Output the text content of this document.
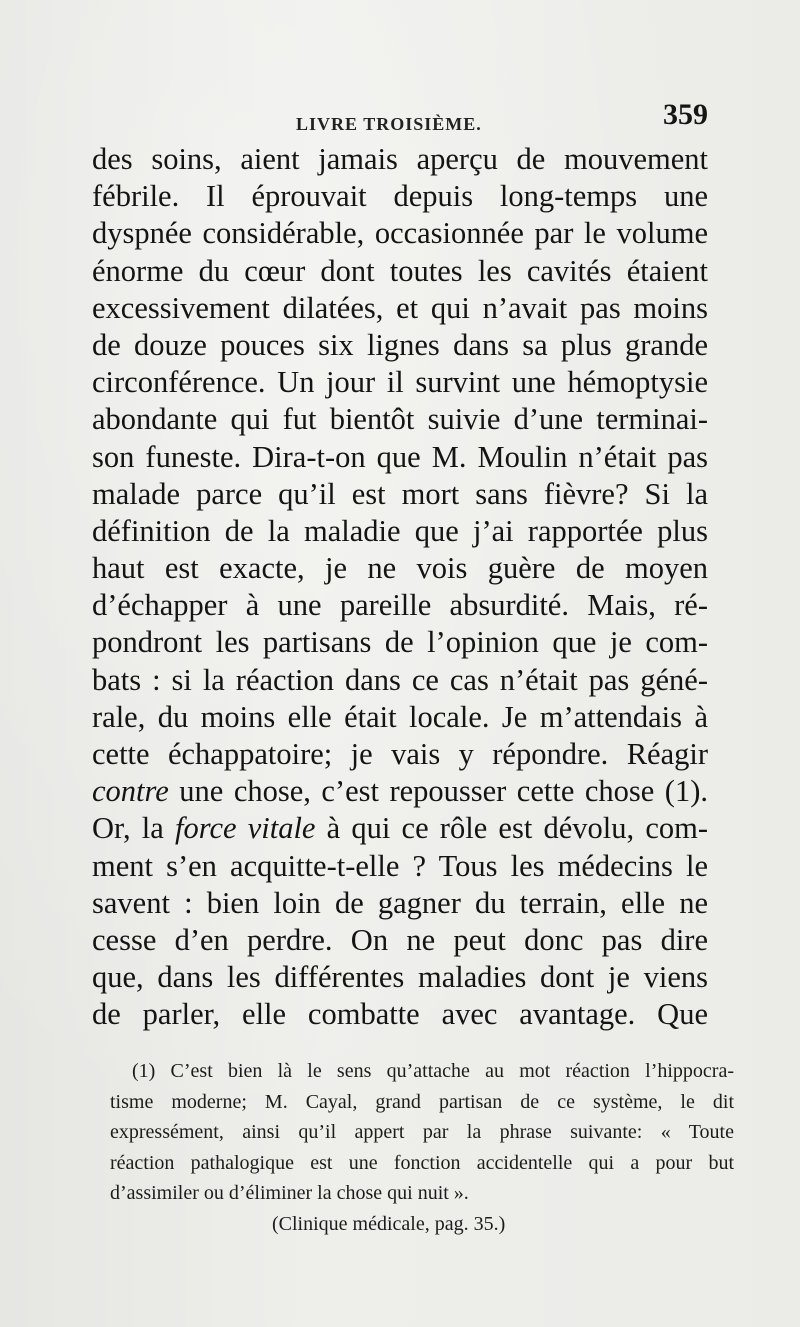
LIVRE TROISIÈME.	359
des soins, aient jamais aperçu de mouvement
fébrile. Il éprouvait depuis long-temps une
dyspnée considérable, occasionnée par le volume
énorme du cœur dont toutes les cavités étaient
excessivement dilatées, et qui n’avait pas moins
de douze pouces six lignes dans sa plus grande
circonférence. Un jour il survint une hémoptysie
abondante qui fut bientôt suivie d’une terminai-
son funeste. Dira-t-on que M. Moulin n’était pas
malade parce qu’il est mort sans fièvre? Si la
définition de la maladie que j’ai rapportée plus
haut est exacte, je ne vois guère de moyen
d’échapper à une pareille absurdité. Mais, ré-
pondront les partisans de l’opinion que je com-
bats : si la réaction dans ce cas n’était pas géné-
rale, du moins elle était locale. Je m’attendais à
cette échappatoire; je vais y répondre. Réagir
contre une chose, c’est repousser cette chose (1).
Or, la force vitale à qui ce rôle est dévolu, com-
ment s’en acquitte-t-elle ? Tous les médecins le
savent : bien loin de gagner du terrain, elle ne
cesse d’en perdre. On ne peut donc pas dire
que, dans les différentes maladies dont je viens
de parler, elle combatte avec avantage. Que
(1) C’est bien là le sens qu’attache au mot réaction l’hippocra-
tisme moderne; M. Cayal, grand partisan de ce système, le dit
expressément, ainsi qu’il appert par la phrase suivante: « Toute
réaction pathalogique est une fonction accidentelle qui a pour but
d’assimiler ou d’éliminer la chose qui nuit ».
(Clinique médicale, pag. 35.)
